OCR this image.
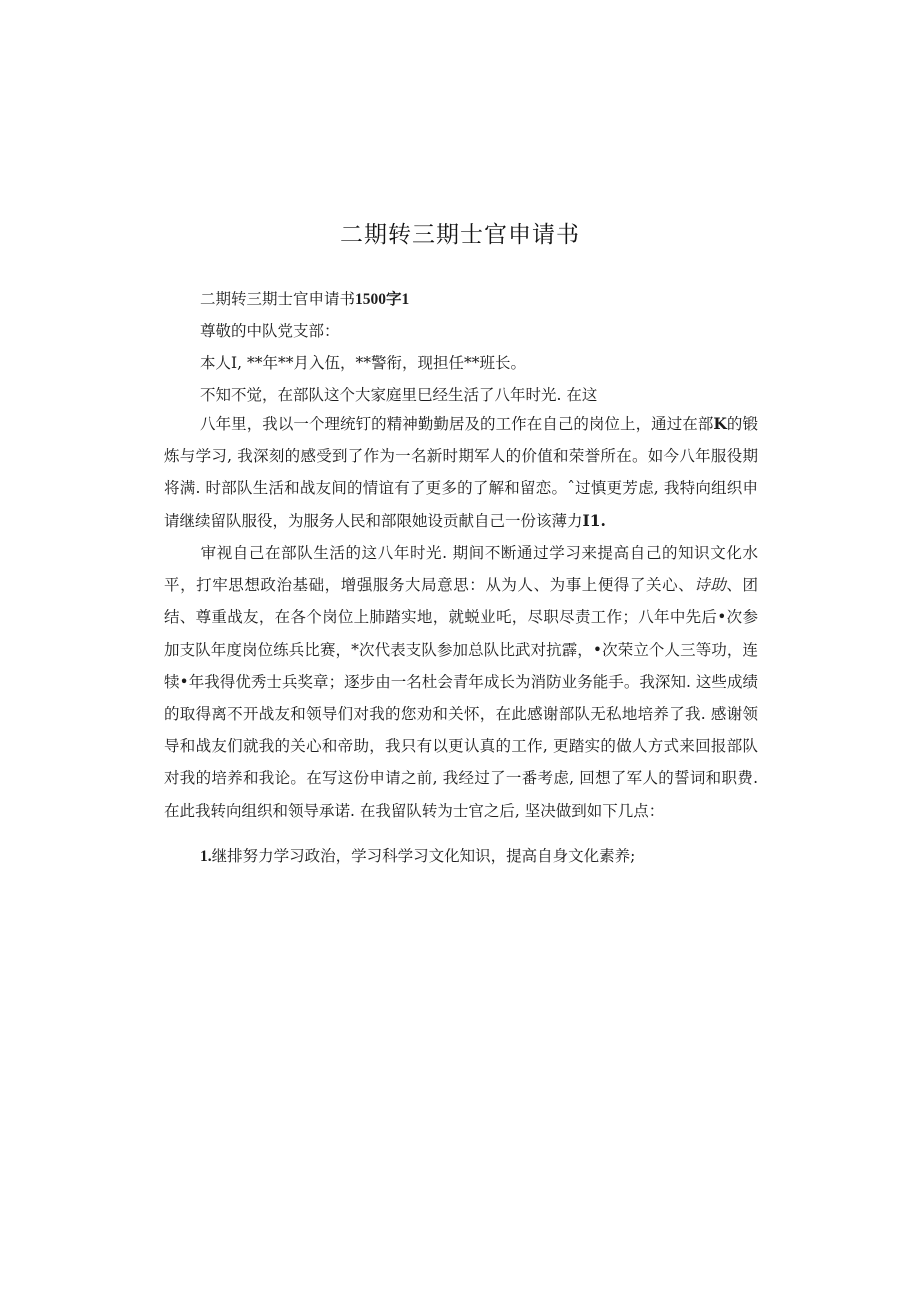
二期转三期士官申请书
二期转三期士官申请书1500字1
尊敬的中队党支部：
本人I, **年**月入伍，**警衔，现担任**班长。
不知不觉，在部队这个大家庭里巳经生活了八年时光. 在这
八年里，我以一个理统钉的精神勤勤居及的工作在自己的岗位上，通过在部K的锻炼与学习, 我深刻的感受到了作为一名新时期军人的价值和荣誉所在。如今八年服役期将满. 时部队生活和战友间的情谊有了更多的了解和留恋。ˆ过慎更芳虑, 我特向组织申请继续留队服役，为服务人民和部限她设贡献自己一份该薄力I1.
审视自己在部队生活的这八年时光. 期间不断通过学习来提高自己的知识文化水平，打牢思想政治基础，增强服务大局意思：从为人、为事上便得了关心、诗助、团结、尊重战友，在各个岗位上肺踏实地，就蜕业吒，尽职尽责工作；八年中先后•次参加支队年度岗位练兵比赛，*次代表支队参加总队比武对抗霹，•次荣立个人三等功，连犊•年我得优秀士兵奖章；逐步由一名杜会青年成长为消防业务能手。我深知. 这些成绩的取得离不开战友和领导们对我的您劝和关怀，在此感谢部队无私地培养了我. 感谢领导和战友们就我的关心和帝助，我只有以更认真的工作, 更踏实的做人方式来回报部队对我的培养和我论。在写这份申请之前, 我经过了一番考虑, 回想了军人的誓词和职费. 在此我转向组织和领导承诺. 在我留队转为士官之后, 坚决做到如下几点：
1.继排努力学习政治，学习科学习文化知识，提高自身文化素养;
